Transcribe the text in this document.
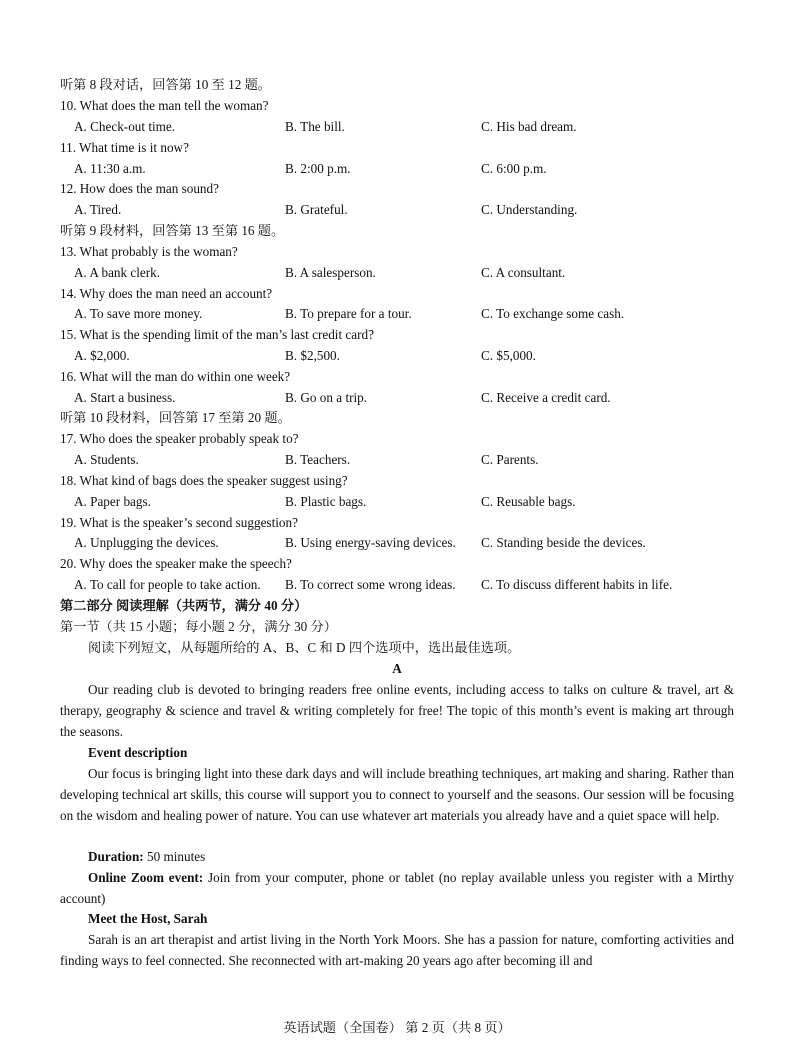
听第 8 段对话，回答第 10 至 12 题。
10. What does the man tell the woman?
A. Check-out time.	B. The bill.	C. His bad dream.
11. What time is it now?
A. 11:30 a.m.	B. 2:00 p.m.	C. 6:00 p.m.
12. How does the man sound?
A. Tired.	B. Grateful.	C. Understanding.
听第 9 段材料，回答第 13 至第 16 题。
13. What probably is the woman?
A. A bank clerk.	B. A salesperson.	C. A consultant.
14. Why does the man need an account?
A. To save more money.	B. To prepare for a tour.	C. To exchange some cash.
15. What is the spending limit of the man’s last credit card?
A. $2,000.	B. $2,500.	C. $5,000.
16. What will the man do within one week?
A. Start a business.	B. Go on a trip.	C. Receive a credit card.
听第 10 段材料，回答第 17 至第 20 题。
17. Who does the speaker probably speak to?
A. Students.	B. Teachers.	C. Parents.
18. What kind of bags does the speaker suggest using?
A. Paper bags.	B. Plastic bags.	C. Reusable bags.
19. What is the speaker’s second suggestion?
A. Unplugging the devices.	B. Using energy-saving devices. C. Standing beside the devices.
20. Why does the speaker make the speech?
A. To call for people to take action. B. To correct some wrong ideas. C. To discuss different habits in life.
第二部分 阅读理解（共两节，满分 40 分）
第一节（共 15 小题；每小题 2 分，满分 30 分）
阅读下列短文，从每题所给的 A、B、C 和 D 四个选项中，选出最佳选项。
A
Our reading club is devoted to bringing readers free online events, including access to talks on culture & travel, art & therapy, geography & science and travel & writing completely for free! The topic of this month’s event is making art through the seasons.
Event description
Our focus is bringing light into these dark days and will include breathing techniques, art making and sharing. Rather than developing technical art skills, this course will support you to connect to yourself and the seasons. Our session will be focusing on the wisdom and healing power of nature. You can use whatever art materials you already have and a quiet space will help.
Duration: 50 minutes
Online Zoom event: Join from your computer, phone or tablet (no replay available unless you register with a Mirthy account)
Meet the Host, Sarah
Sarah is an art therapist and artist living in the North York Moors. She has a passion for nature, comforting activities and finding ways to feel connected. She reconnected with art-making 20 years ago after becoming ill and
英语试题（全国卷） 第 2 页（共 8 页）
